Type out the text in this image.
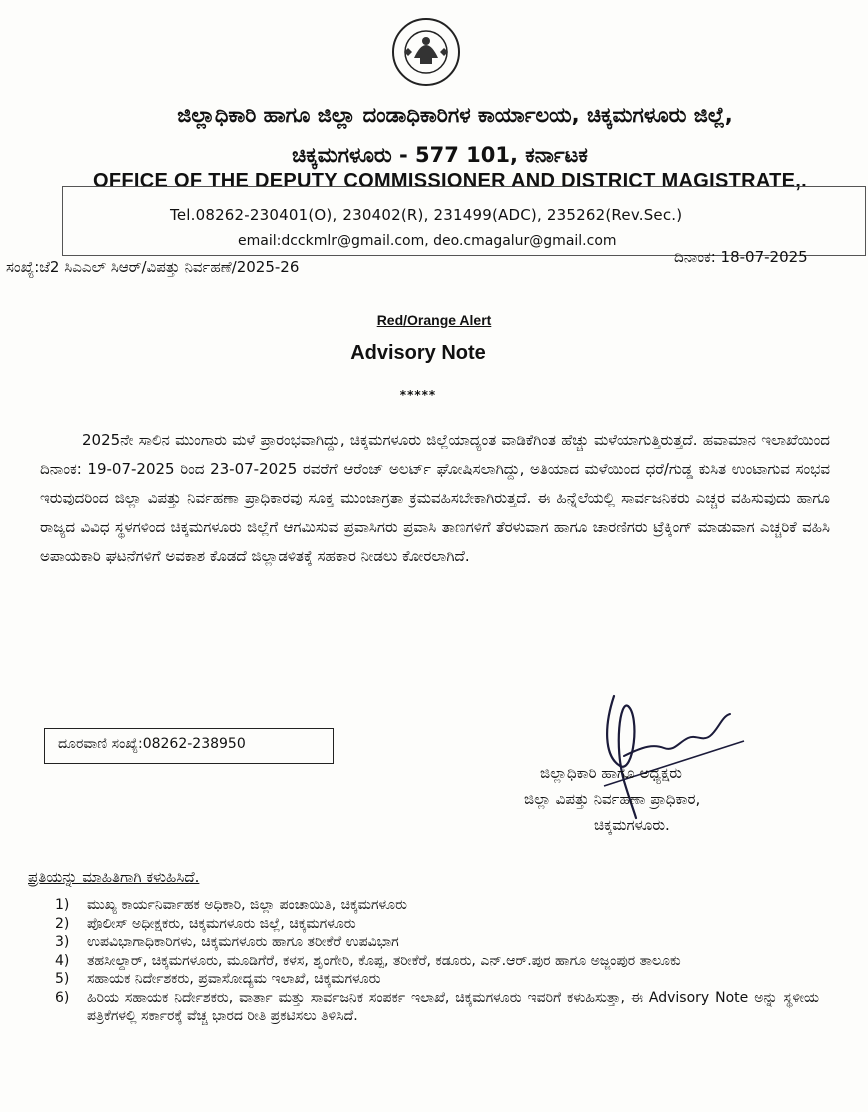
ಜಿಲ್ಲಾಧಿಕಾರಿ ಹಾಗೂ ಜಿಲ್ಲಾ ದಂಡಾಧಿಕಾರಿಗಳ ಕಾರ್ಯಾಲಯ, ಚಿಕ್ಕಮಗಳೂರು ಜಿಲ್ಲೆ,
ಚಿಕ್ಕಮಗಳೂರು - 577 101, ಕರ್ನಾಟಕ
OFFICE OF THE DEPUTY COMMISSIONER AND DISTRICT MAGISTRATE,.
Tel.08262-230401(O), 230402(R), 231499(ADC), 235262(Rev.Sec.)
email:dcckmlr@gmail.com, deo.cmagalur@gmail.com
ಸಂಖ್ಯೆ:ಜೆ2 ಸಿಎಎಲ್ ಸಿಆರ್/ವಿಪತ್ತು ನಿರ್ವಹಣೆ/2025-26
ದಿನಾಂಕ: 18-07-2025
Red/Orange Alert
Advisory Note
*****
2025ನೇ ಸಾಲಿನ ಮುಂಗಾರು ಮಳೆ ಪ್ರಾರಂಭವಾಗಿದ್ದು, ಚಿಕ್ಕಮಗಳೂರು ಜಿಲ್ಲೆಯಾದ್ಯಂತ ವಾಡಿಕೆಗಿಂತ ಹೆಚ್ಚು ಮಳೆಯಾಗುತ್ತಿರುತ್ತದೆ. ಹವಾಮಾನ ಇಲಾಖೆಯಿಂದ ದಿನಾಂಕ: 19-07-2025 ರಿಂದ 23-07-2025 ರವರೆಗೆ ಆರೆಂಜ್ ಅಲರ್ಟ್ ಘೋಷಿಸಲಾಗಿದ್ದು, ಅತಿಯಾದ ಮಳೆಯಿಂದ ಧರೆ/ಗುಡ್ಡ ಕುಸಿತ ಉಂಟಾಗುವ ಸಂಭವ ಇರುವುದರಿಂದ ಜಿಲ್ಲಾ ವಿಪತ್ತು ನಿರ್ವಹಣಾ ಪ್ರಾಧಿಕಾರವು ಸೂಕ್ತ ಮುಂಜಾಗ್ರತಾ ಕ್ರಮವಹಿಸಬೇಕಾಗಿರುತ್ತದೆ. ಈ ಹಿನ್ನೆಲೆಯಲ್ಲಿ ಸಾರ್ವಜನಿಕರು ಎಚ್ಚರ ವಹಿಸುವುದು ಹಾಗೂ ರಾಜ್ಯದ ವಿವಿಧ ಸ್ಥಳಗಳಿಂದ ಚಿಕ್ಕಮಗಳೂರು ಜಿಲ್ಲೆಗೆ ಆಗಮಿಸುವ ಪ್ರವಾಸಿಗರು ಪ್ರವಾಸಿ ತಾಣಗಳಿಗೆ ತೆರಳುವಾಗ ಹಾಗೂ ಚಾರಣಿಗರು ಟ್ರೆಕ್ಕಿಂಗ್ ಮಾಡುವಾಗ ಎಚ್ಚರಿಕೆ ವಹಿಸಿ ಅಪಾಯಕಾರಿ ಘಟನೆಗಳಿಗೆ ಅವಕಾಶ ಕೊಡದೆ ಜಿಲ್ಲಾಡಳಿತಕ್ಕೆ ಸಹಕಾರ ನೀಡಲು ಕೋರಲಾಗಿದೆ.
ದೂರವಾಣಿ ಸಂಖ್ಯೆ:08262-238950
ಜಿಲ್ಲಾಧಿಕಾರಿ ಹಾಗೂ ಅಧ್ಯಕ್ಷರು
ಜಿಲ್ಲಾ ವಿಪತ್ತು ನಿರ್ವಹಣಾ ಪ್ರಾಧಿಕಾರ,
ಚಿಕ್ಕಮಗಳೂರು.
ಪ್ರತಿಯನ್ನು ಮಾಹಿತಿಗಾಗಿ ಕಳುಹಿಸಿದೆ.
1)	ಮುಖ್ಯ ಕಾರ್ಯನಿರ್ವಾಹಕ ಅಧಿಕಾರಿ, ಜಿಲ್ಲಾ ಪಂಚಾಯಿತಿ, ಚಿಕ್ಕಮಗಳೂರು
2)	ಪೊಲೀಸ್ ಅಧೀಕ್ಷಕರು, ಚಿಕ್ಕಮಗಳೂರು ಜಿಲ್ಲೆ, ಚಿಕ್ಕಮಗಳೂರು
3)	ಉಪವಿಭಾಗಾಧಿಕಾರಿಗಳು, ಚಿಕ್ಕಮಗಳೂರು ಹಾಗೂ ತರೀಕೆರೆ ಉಪವಿಭಾಗ
4)	ತಹಸೀಲ್ದಾರ್, ಚಿಕ್ಕಮಗಳೂರು, ಮೂಡಿಗೆರೆ, ಕಳಸ, ಶೃಂಗೇರಿ, ಕೊಪ್ಪ, ತರೀಕೆರೆ, ಕಡೂರು, ಎನ್.ಆರ್.ಪುರ ಹಾಗೂ ಅಜ್ಜಂಪುರ ತಾಲೂಕು
5)	ಸಹಾಯಕ ನಿರ್ದೇಶಕರು, ಪ್ರವಾಸೋದ್ಯಮ ಇಲಾಖೆ, ಚಿಕ್ಕಮಗಳೂರು
6)	ಹಿರಿಯ ಸಹಾಯಕ ನಿರ್ದೇಶಕರು, ವಾರ್ತಾ ಮತ್ತು ಸಾರ್ವಜನಿಕ ಸಂಪರ್ಕ ಇಲಾಖೆ, ಚಿಕ್ಕಮಗಳೂರು ಇವರಿಗೆ ಕಳುಹಿಸುತ್ತಾ, ಈ Advisory Note ಅನ್ನು ಸ್ಥಳೀಯ ಪತ್ರಿಕೆಗಳಲ್ಲಿ ಸರ್ಕಾರಕ್ಕೆ ವೆಚ್ಚ ಭಾರದ ರೀತಿ ಪ್ರಕಟಿಸಲು ತಿಳಿಸಿದೆ.
